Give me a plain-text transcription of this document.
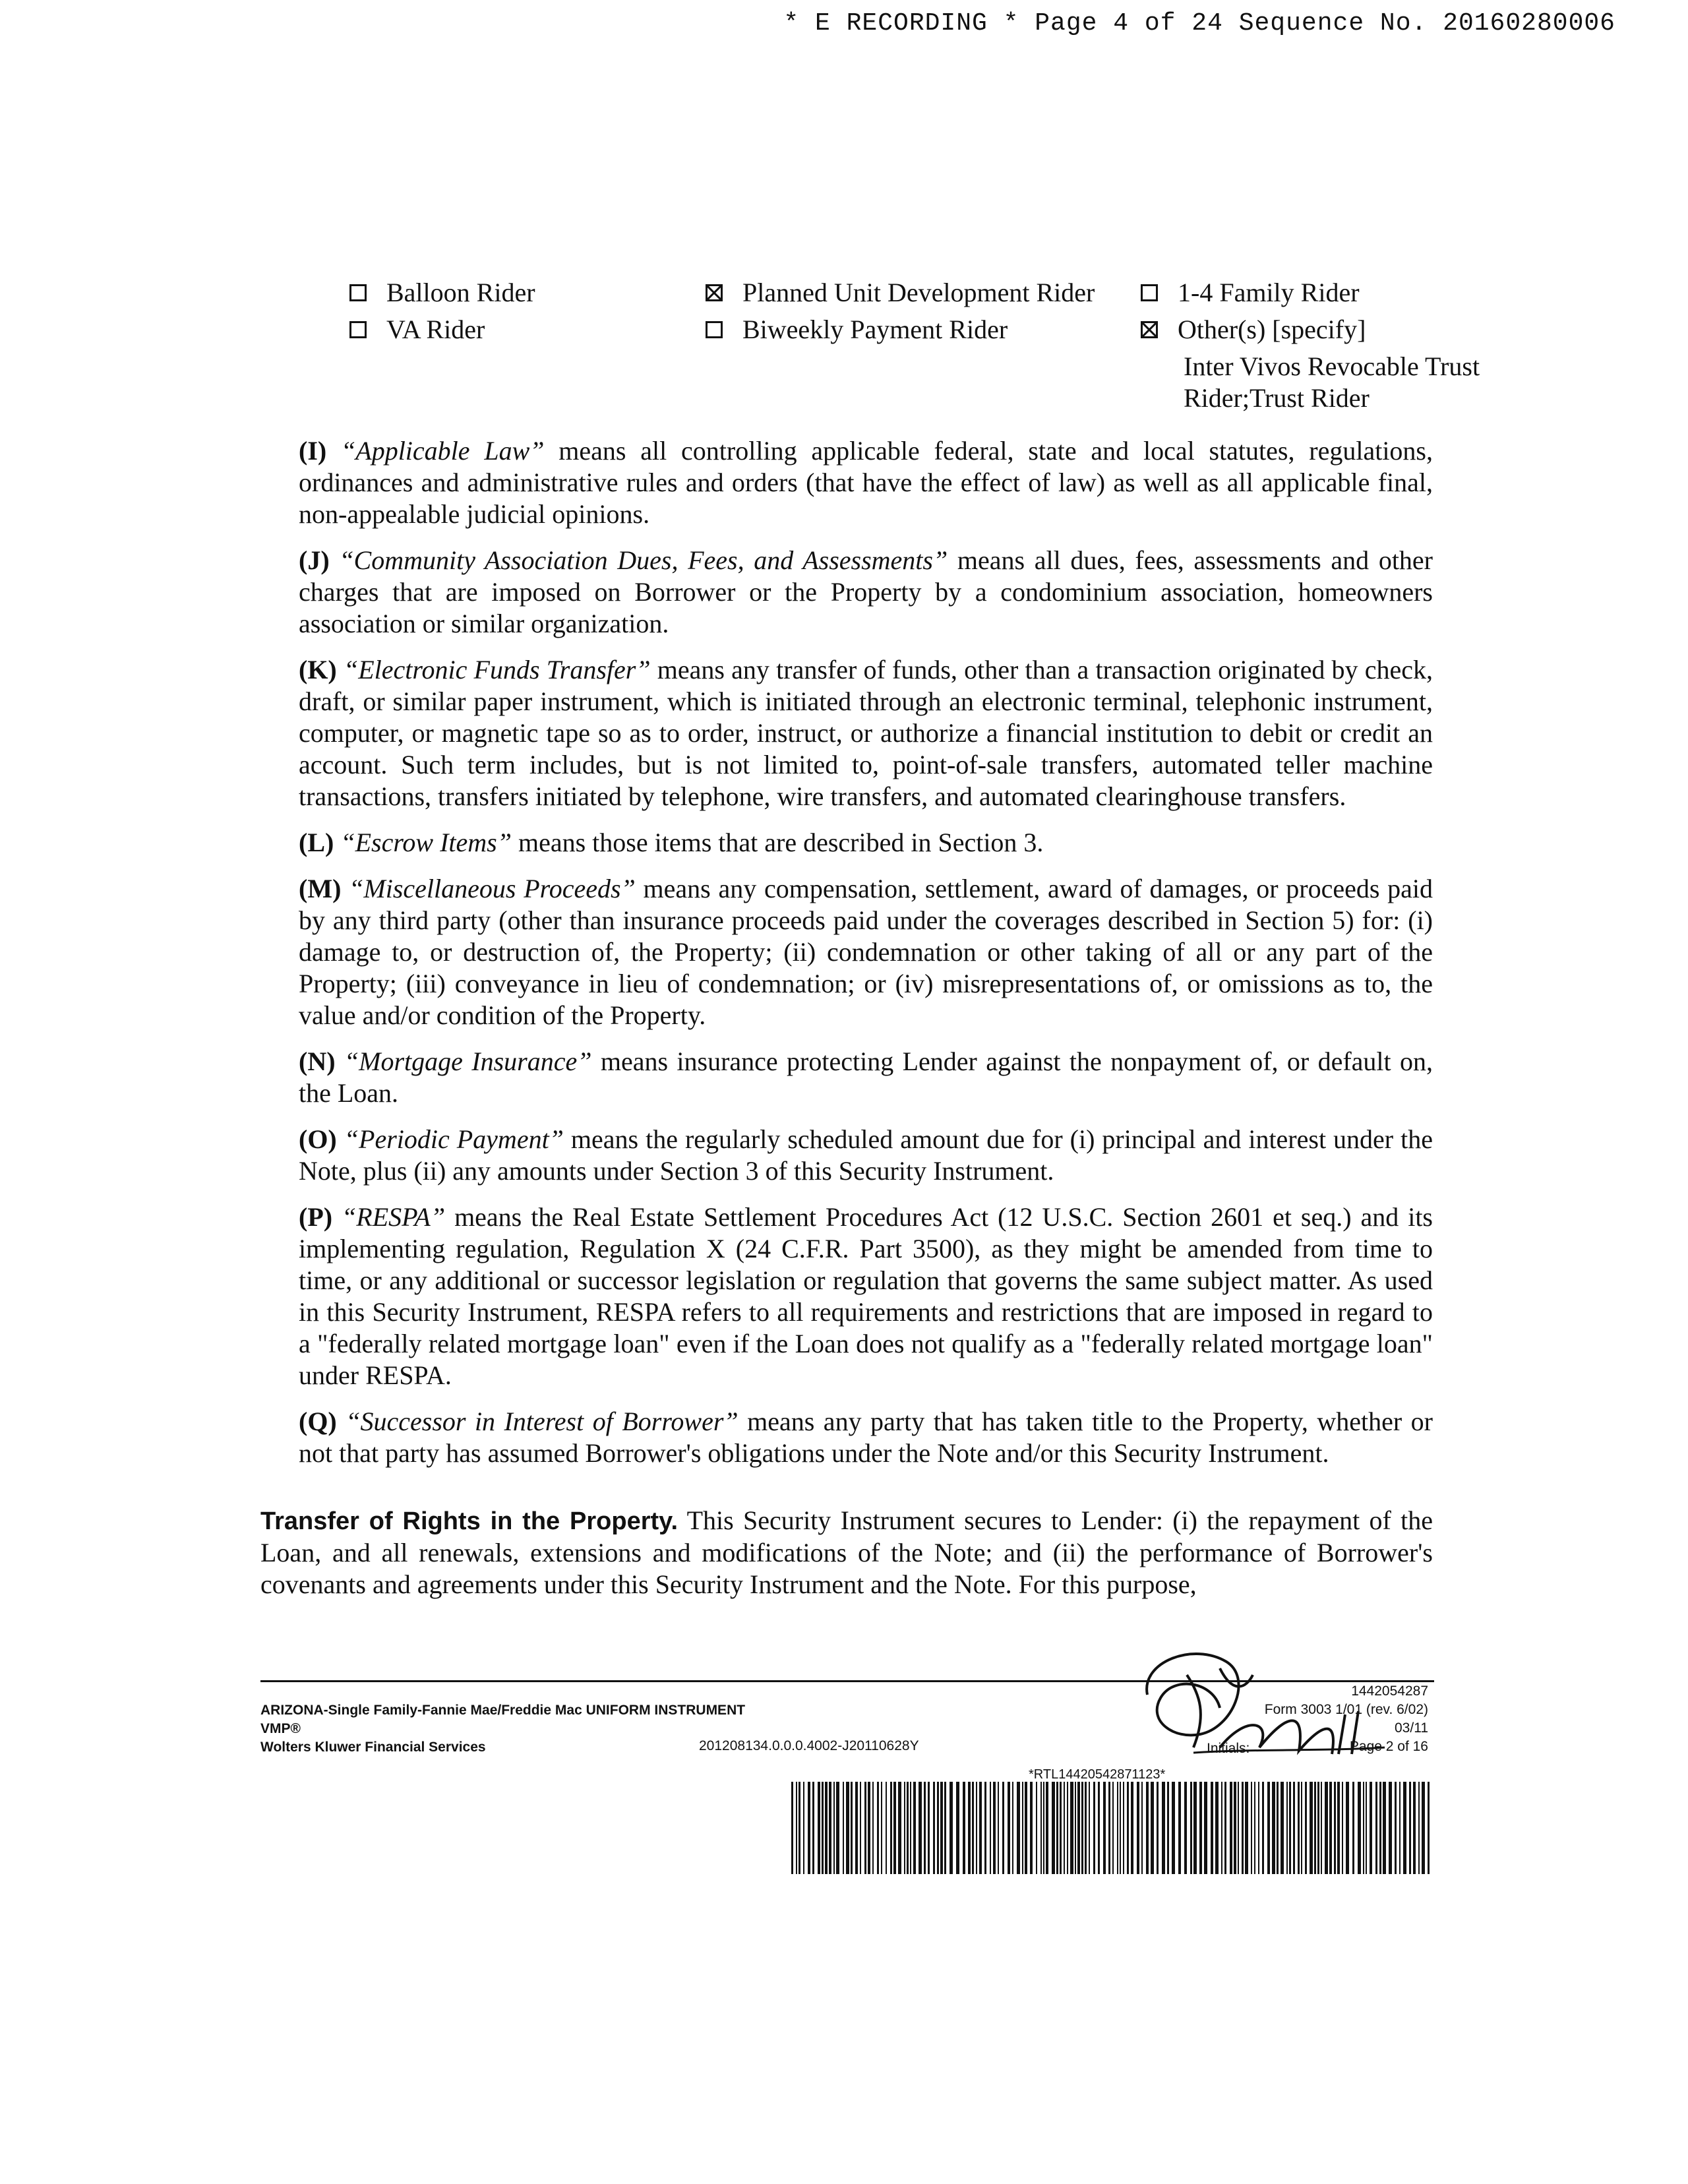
* E RECORDING * Page 4 of 24 Sequence No. 20160280006
Balloon Rider	Planned Unit Development Rider	1-4 Family Rider
VA Rider	Biweekly Payment Rider	Other(s) [specify]
Inter Vivos Revocable Trust
Rider;Trust Rider

(I) “Applicable Law” means all controlling applicable federal, state and local statutes, regulations, ordinances and administrative rules and orders (that have the effect of law) as well as all applicable final, non-appealable judicial opinions.

(J) “Community Association Dues, Fees, and Assessments” means all dues, fees, assessments and other charges that are imposed on Borrower or the Property by a condominium association, homeowners association or similar organization.

(K) “Electronic Funds Transfer” means any transfer of funds, other than a transaction originated by check, draft, or similar paper instrument, which is initiated through an electronic terminal, telephonic instrument, computer, or magnetic tape so as to order, instruct, or authorize a financial institution to debit or credit an account. Such term includes, but is not limited to, point-of-sale transfers, automated teller machine transactions, transfers initiated by telephone, wire transfers, and automated clearinghouse transfers.

(L) “Escrow Items” means those items that are described in Section 3.

(M) “Miscellaneous Proceeds” means any compensation, settlement, award of damages, or proceeds paid by any third party (other than insurance proceeds paid under the coverages described in Section 5) for: (i) damage to, or destruction of, the Property; (ii) condemnation or other taking of all or any part of the Property; (iii) conveyance in lieu of condemnation; or (iv) misrepresentations of, or omissions as to, the value and/or condition of the Property.

(N) “Mortgage Insurance” means insurance protecting Lender against the nonpayment of, or default on, the Loan.

(O) “Periodic Payment” means the regularly scheduled amount due for (i) principal and interest under the Note, plus (ii) any amounts under Section 3 of this Security Instrument.

(P) “RESPA” means the Real Estate Settlement Procedures Act (12 U.S.C. Section 2601 et seq.) and its implementing regulation, Regulation X (24 C.F.R. Part 3500), as they might be amended from time to time, or any additional or successor legislation or regulation that governs the same subject matter. As used in this Security Instrument, RESPA refers to all requirements and restrictions that are imposed in regard to a "federally related mortgage loan" even if the Loan does not qualify as a "federally related mortgage loan" under RESPA.

(Q) “Successor in Interest of Borrower” means any party that has taken title to the Property, whether or not that party has assumed Borrower's obligations under the Note and/or this Security Instrument.

Transfer of Rights in the Property. This Security Instrument secures to Lender: (i) the repayment of the Loan, and all renewals, extensions and modifications of the Note; and (ii) the performance of Borrower's covenants and agreements under this Security Instrument and the Note. For this purpose,

ARIZONA-Single Family-Fannie Mae/Freddie Mac UNIFORM INSTRUMENT
VMP®
Wolters Kluwer Financial Services	201208134.0.0.0.4002-J20110628Y
1442054287
Form 3003 1/01 (rev. 6/02)
03/11
Page 2 of 16
Initials:
*RTL14420542871123*
